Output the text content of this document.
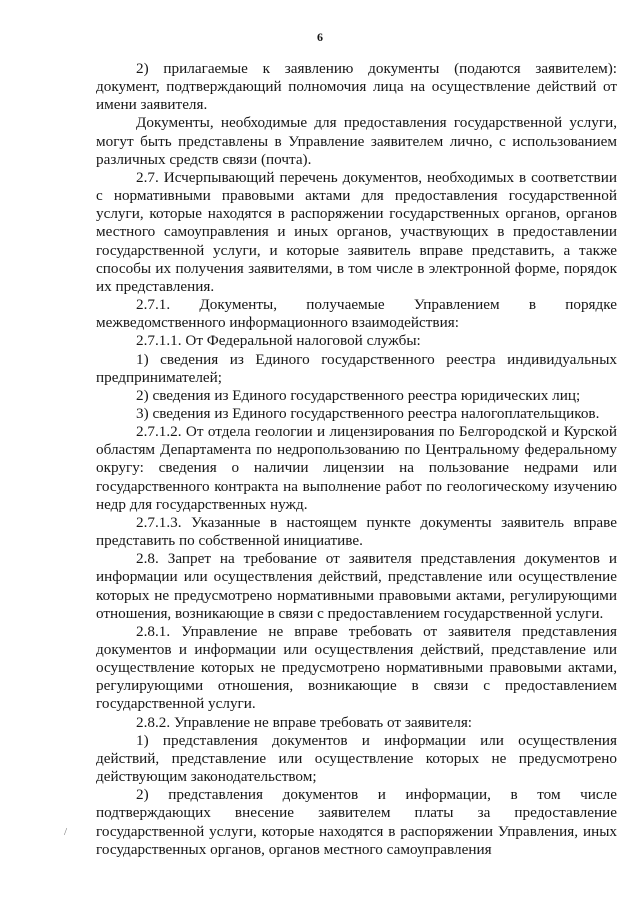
6

2) прилагаемые к заявлению документы (подаются заявителем): документ, подтверждающий полномочия лица на осуществление действий от имени заявителя.

Документы, необходимые для предоставления государственной услуги, могут быть представлены в Управление заявителем лично, с использованием различных средств связи (почта).

2.7. Исчерпывающий перечень документов, необходимых в соответствии с нормативными правовыми актами для предоставления государственной услуги, которые находятся в распоряжении государственных органов, органов местного самоуправления и иных органов, участвующих в предоставлении государственной услуги, и которые заявитель вправе представить, а также способы их получения заявителями, в том числе в электронной форме, порядок их представления.

2.7.1. Документы, получаемые Управлением в порядке межведомственного информационного взаимодействия:

2.7.1.1. От Федеральной налоговой службы:

1) сведения из Единого государственного реестра индивидуальных предпринимателей;

2) сведения из Единого государственного реестра юридических лиц;

3) сведения из Единого государственного реестра налогоплательщиков.

2.7.1.2. От отдела геологии и лицензирования по Белгородской и Курской областям Департамента по недропользованию по Центральному федеральному округу: сведения о наличии лицензии на пользование недрами или государственного контракта на выполнение работ по геологическому изучению недр для государственных нужд.

2.7.1.3. Указанные в настоящем пункте документы заявитель вправе представить по собственной инициативе.

2.8. Запрет на требование от заявителя представления документов и информации или осуществления действий, представление или осуществление которых не предусмотрено нормативными правовыми актами, регулирующими отношения, возникающие в связи с предоставлением государственной услуги.

2.8.1. Управление не вправе требовать от заявителя представления документов и информации или осуществления действий, представление или осуществление которых не предусмотрено нормативными правовыми актами, регулирующими отношения, возникающие в связи с предоставлением государственной услуги.

2.8.2. Управление не вправе требовать от заявителя:

1) представления документов и информации или осуществления действий, представление или осуществление которых не предусмотрено действующим законодательством;

2) представления документов и информации, в том числе подтверждающих внесение заявителем платы за предоставление государственной услуги, которые находятся в распоряжении Управления, иных государственных органов, органов местного самоуправления

/
